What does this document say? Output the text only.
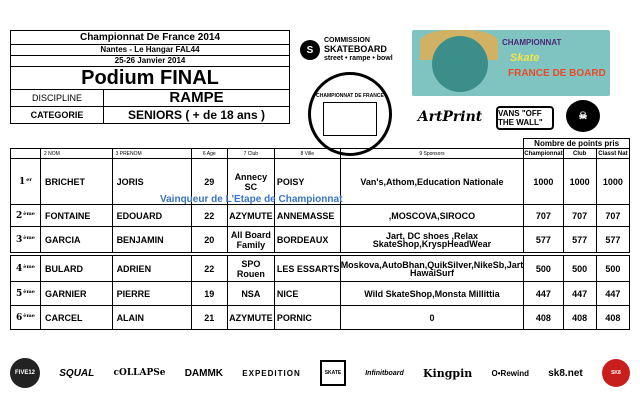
Championnat De France 2014
Nantes - Le Hangar FAL44
25-26 Janvier 2014
Podium FINAL
DISCIPLINE	RAMPE
CATEGORIE	SENIORS ( + de 18 ans )
S
COMMISSION
SKATEBOARD
street • rampe • bowl
CHAMPIONNAT DE FRANCE
CHAMPIONNAT
Skate
FRANCE DE BOARD
ArtPrint	VANS "OFF THE WALL"
☠
							Nombre de points pris		
	2 NOM	3 PRENOM	6 Age	7 Club	8 Ville	9 Sponsors	Championnat	Club	Classt Nat
1er	BRICHET	JORIS	29	Annecy SC	POISY	Van's,Athom,Education Nationale	1000	1000	1000
2ème	FONTAINE	EDOUARD	22	AZYMUTE	ANNEMASSE	,MOSCOVA,SIROCO	707	707	707
3ème	GARCIA	BENJAMIN	20	All Board Family	BORDEAUX	Jart, DC shoes ,Relax SkateShop,KryspHeadWear	577	577	577

4ème	BULARD	ADRIEN	22	SPO Rouen	LES ESSARTS	Moskova,AutoBhan,QuikSilver,NikeSb,Jart HawaiSurf	500	500	500
5ème	GARNIER	PIERRE	19	NSA	NICE	Wild SkateShop,Monsta Millittia	447	447	447
6ème	CARCEL	ALAIN	21	AZYMUTE	PORNIC	0	408	408	408
Vainqueur de L'Etape de Championnat
FIVE12	SQUAL cOLLAPSe DAMMK EXPEDITION	SKATE	Infinitboard Kingpin O•Rewind sk8.net	SK8
